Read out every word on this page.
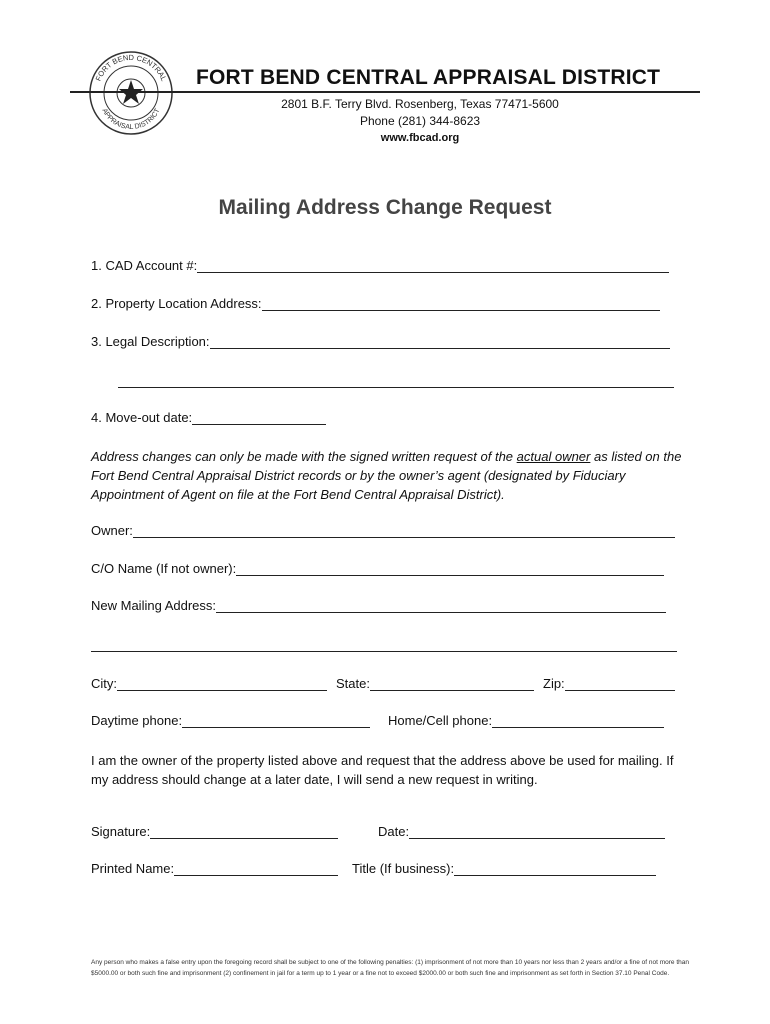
FORT BEND CENTRAL
APPRAISAL DISTRICT
FORT BEND CENTRAL APPRAISAL DISTRICT
2801 B.F. Terry Blvd. Rosenberg, Texas 77471-5600
Phone (281) 344-8623
www.fbcad.org
Mailing Address Change Request
1. CAD Account #:
2. Property Location Address:
3. Legal Description:
4. Move-out date:
Address changes can only be made with the signed written request of the actual owner as listed on the Fort Bend Central Appraisal District records or by the owner’s agent (designated by Fiduciary Appointment of Agent on file at the Fort Bend Central Appraisal District).
Owner:
C/O Name (If not owner):
New Mailing Address:
City:	State:	Zip:
Daytime phone:	Home/Cell phone:
I am the owner of the property listed above and request that the address above be used for mailing. If my address should change at a later date, I will send a new request in writing.
Signature:	Date:
Printed Name:	Title (If business):
Any person who makes a false entry upon the foregoing record shall be subject to one of the following penalties: (1) imprisonment of not more than 10 years nor less than 2 years and/or a fine of not more than $5000.00 or both such fine and imprisonment (2) confinement in jail for a term up to 1 year or a fine not to exceed $2000.00 or both such fine and imprisonment as set forth in Section 37.10 Penal Code.
